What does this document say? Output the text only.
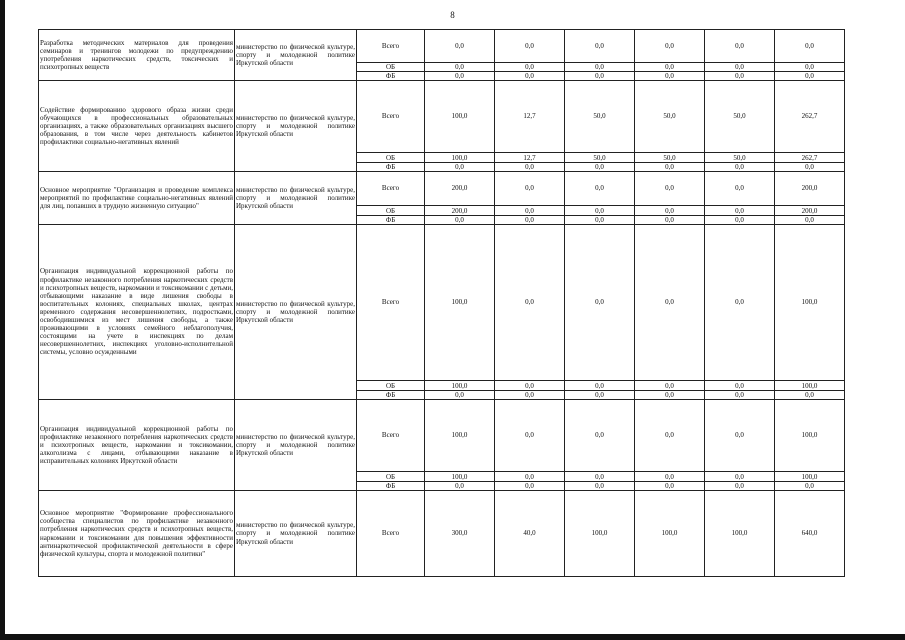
8
Разработка методических материалов для проведения семинаров и тренингов молодежи по предупреждению употребления наркотических средств, токсических и психотропных веществ	министерство по физической культуре, спорту и молодежной политике Иркутской области	Всего	0,0	0,0	0,0	0,0	0,0	0,0
		ОБ	0,0	0,0	0,0	0,0	0,0	0,0
		ФБ	0,0	0,0	0,0	0,0	0,0	0,0
Содействие формированию здорового образа жизни среди обучающихся в профессиональных образовательных организациях, а также образовательных организациях высшего образования, в том числе через деятельность кабинетов профилактики социально-негативных явлений	министерство по физической культуре, спорту и молодежной политике Иркутской области	Всего	100,0	12,7	50,0	50,0	50,0	262,7
		ОБ	100,0	12,7	50,0	50,0	50,0	262,7
		ФБ	0,0	0,0	0,0	0,0	0,0	0,0
Основное мероприятие "Организация и проведение комплекса мероприятий по профилактике социально-негативных явлений для лиц, попавших в трудную жизненную ситуацию"	министерство по физической культуре, спорту и молодежной политике Иркутской области	Всего	200,0	0,0	0,0	0,0	0,0	200,0
		ОБ	200,0	0,0	0,0	0,0	0,0	200,0
		ФБ	0,0	0,0	0,0	0,0	0,0	0,0
Организация индивидуальной коррекционной работы по профилактике незаконного потребления наркотических средств и психотропных веществ, наркомании и токсикомании с детьми, отбывающими наказание в виде лишения свободы в воспитательных колониях, специальных школах, центрах временного содержания несовершеннолетних, подростками, освободившимися из мест лишения свободы, а также проживающими в условиях семейного неблагополучия, состоящими на учете в инспекциях по делам несовершеннолетних, инспекциях уголовно-исполнительной системы, условно осужденными	министерство по физической культуре, спорту и молодежной политике Иркутской области	Всего	100,0	0,0	0,0	0,0	0,0	100,0
		ОБ	100,0	0,0	0,0	0,0	0,0	100,0
		ФБ	0,0	0,0	0,0	0,0	0,0	0,0
Организация индивидуальной коррекционной работы по профилактике незаконного потребления наркотических средств и психотропных веществ, наркомании и токсикомании, алкоголизма с лицами, отбывающими наказание в исправительных колониях Иркутской области	министерство по физической культуре, спорту и молодежной политике Иркутской области	Всего	100,0	0,0	0,0	0,0	0,0	100,0
		ОБ	100,0	0,0	0,0	0,0	0,0	100,0
		ФБ	0,0	0,0	0,0	0,0	0,0	0,0
Основное мероприятие "Формирование профессионального сообщества специалистов по профилактике незаконного потребления наркотических средств и психотропных веществ, наркомании и токсикомании для повышения эффективности антинаркотической профилактической деятельности в сфере физической культуры, спорта и молодежной политики"	министерство по физической культуре, спорту и молодежной политике Иркутской области	Всего	300,0	40,0	100,0	100,0	100,0	640,0
